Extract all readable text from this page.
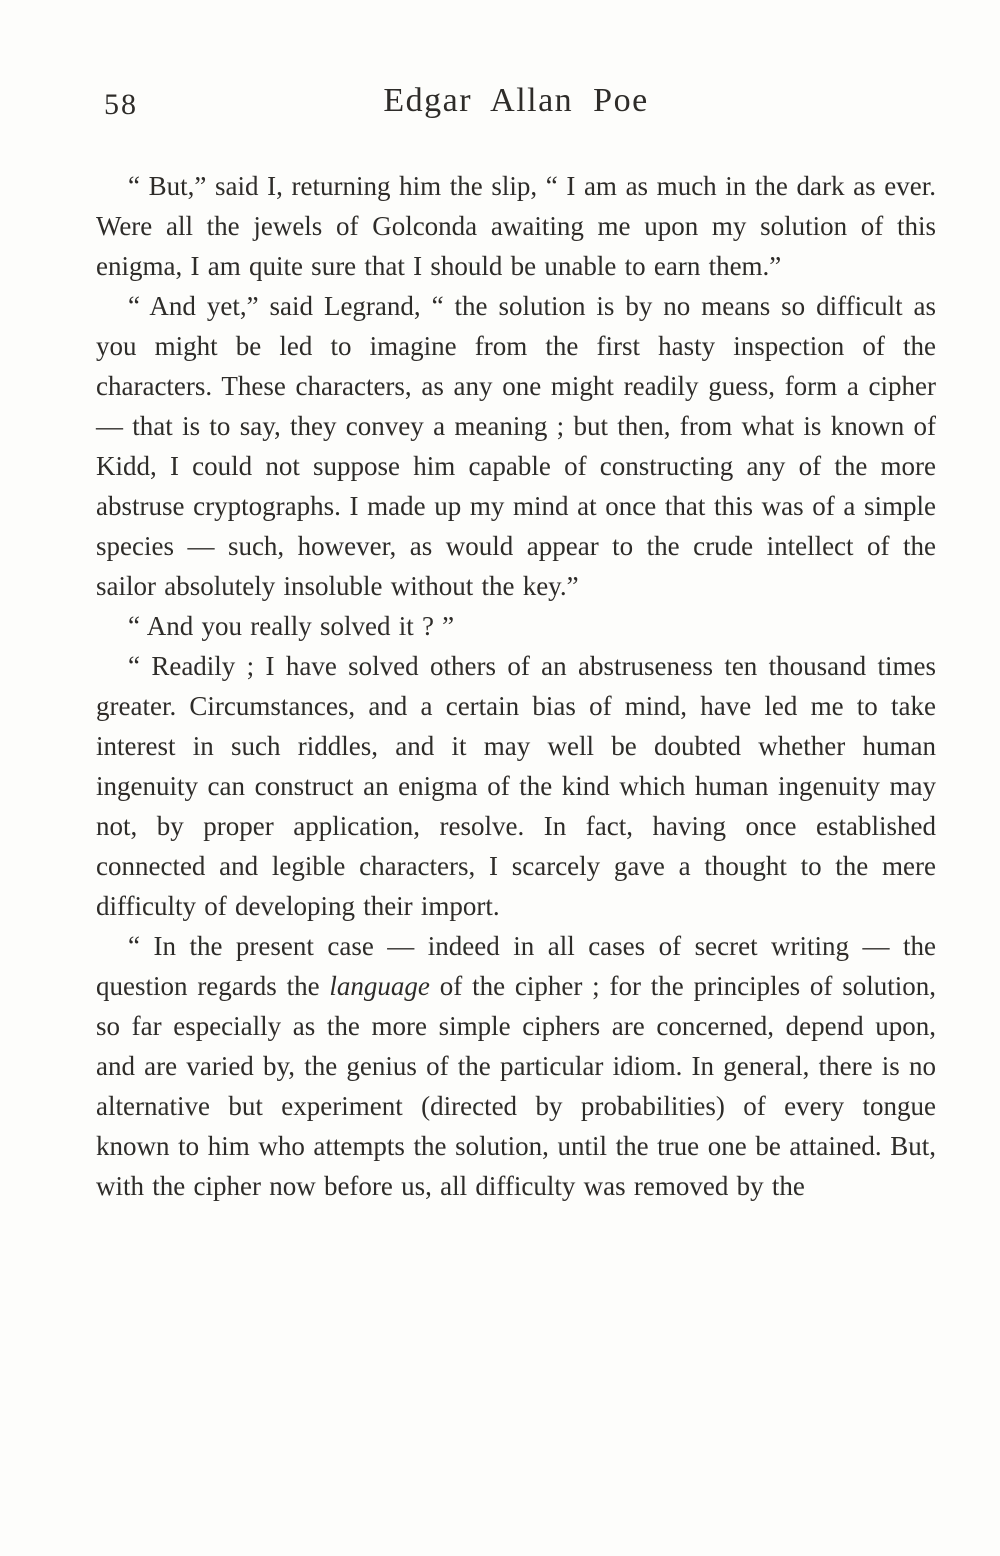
58	Edgar Allan Poe

“ But,” said I, returning him the slip, “ I am as much in the dark as ever. Were all the jewels of Golconda awaiting me upon my solution of this enigma, I am quite sure that I should be unable to earn them.”

“ And yet,” said Legrand, “ the solution is by no means so difficult as you might be led to imagine from the first hasty inspection of the characters. These characters, as any one might readily guess, form a cipher — that is to say, they convey a meaning ; but then, from what is known of Kidd, I could not suppose him capable of constructing any of the more abstruse cryptographs. I made up my mind at once that this was of a simple species — such, however, as would appear to the crude intellect of the sailor absolutely insoluble without the key.”

“ And you really solved it ? ”

“ Readily ; I have solved others of an abstruseness ten thousand times greater. Circumstances, and a certain bias of mind, have led me to take interest in such riddles, and it may well be doubted whether human ingenuity can construct an enigma of the kind which human ingenuity may not, by proper application, resolve. In fact, having once established connected and legible characters, I scarcely gave a thought to the mere difficulty of developing their import.

“ In the present case — indeed in all cases of secret writing — the question regards the language of the cipher ; for the principles of solution, so far especially as the more simple ciphers are concerned, depend upon, and are varied by, the genius of the particular idiom. In general, there is no alternative but experiment (directed by probabilities) of every tongue known to him who attempts the solution, until the true one be attained. But, with the cipher now before us, all difficulty was removed by the
